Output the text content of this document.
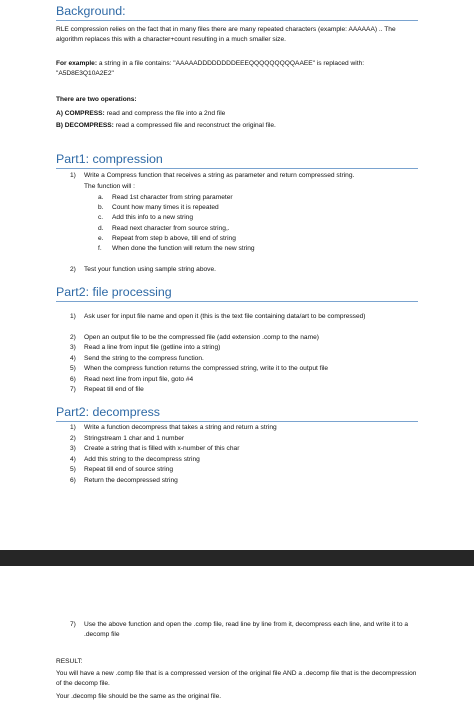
Background:
RLE compression relies on the fact that in many files there are many repeated characters (example: AAAAAA) .. The algorithm replaces this with a character+count resulting in a much smaller size.
For example: a string in a file contains: "AAAAADDDDDDDDEEEQQQQQQQQQAAEE" is replaced with: "A5D8E3Q10A2E2"
There are two operations:
A) COMPRESS: read and compress the file into a 2nd file
B) DECOMPRESS: read a compressed file and reconstruct the original file.
Part1: compression
1) Write a Compress function that receives a string as parameter and return compressed string.
The function will :
a. Read 1st character from string parameter
b. Count how many times it is repeated
c. Add this info to a new string
d. Read next character from source string,.
e. Repeat from step b above, till end of string
f. When done the function will return the new string
2) Test your function using sample string above.
Part2: file processing
1) Ask user for input file name and open it (this is the text file containing data/art to be compressed)
2) Open an output file to be the compressed file (add extension .comp to the name)
3) Read a line from input file (getline into a string)
4) Send the string to the compress function.
5) When the compress function returns the compressed string, write it to the output file
6) Read next line from input file, goto #4
7) Repeat till end of file
Part2: decompress
1) Write a function decompress that takes a string and return a string
2) Stringstream 1 char and 1 number
3) Create a string that is filled with x-number of this char
4) Add this string to the decompress string
5) Repeat till end of source string
6) Return the decompressed string
7) Use the above function and open the .comp file, read line by line from it, decompress each line, and write it to a .decomp file
RESULT:
You will have a new .comp file that is a compressed version of the original file AND a .decomp file that is the decompression of the decomp file.
Your .decomp file should be the same as the original file.
